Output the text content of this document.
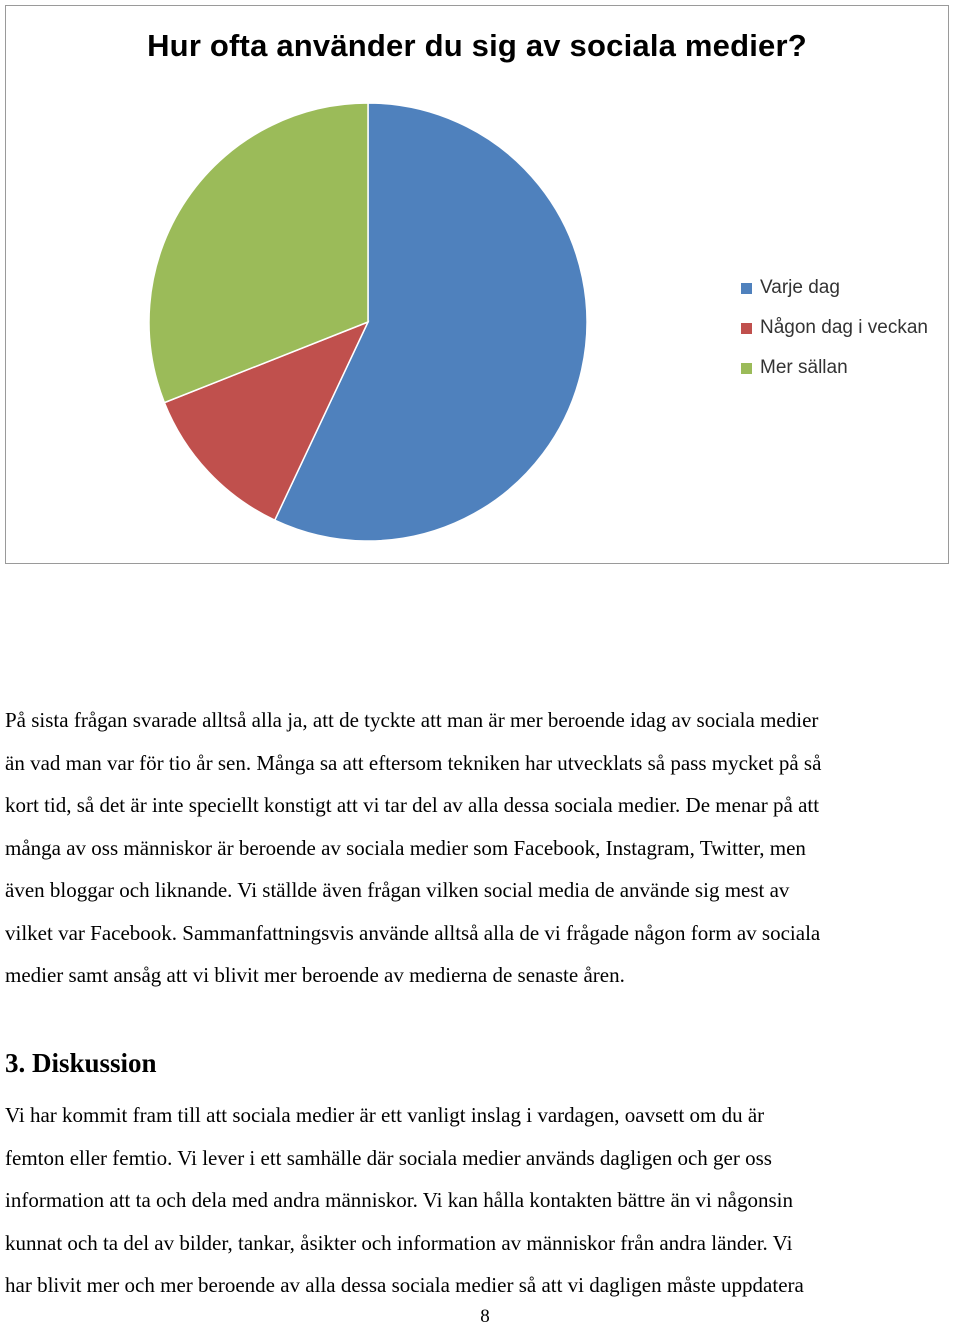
Hur ofta använder du sig av sociala medier?
Varje dag
Någon dag i veckan
Mer sällan
På sista frågan svarade alltså alla ja, att de tyckte att man är mer beroende idag av sociala medier
än vad man var för tio år sen. Många sa att eftersom tekniken har utvecklats så pass mycket på så
kort tid, så det är inte speciellt konstigt att vi tar del av alla dessa sociala medier. De menar på att
många av oss människor är beroende av sociala medier som Facebook, Instagram, Twitter, men
även bloggar och liknande. Vi ställde även frågan vilken social media de använde sig mest av
vilket var Facebook. Sammanfattningsvis använde alltså alla de vi frågade någon form av sociala
medier samt ansåg att vi blivit mer beroende av medierna de senaste åren.
3. Diskussion
Vi har kommit fram till att sociala medier är ett vanligt inslag i vardagen, oavsett om du är
femton eller femtio. Vi lever i ett samhälle där sociala medier används dagligen och ger oss
information att ta och dela med andra människor. Vi kan hålla kontakten bättre än vi någonsin
kunnat och ta del av bilder, tankar, åsikter och information av människor från andra länder. Vi
har blivit mer och mer beroende av alla dessa sociala medier så att vi dagligen måste uppdatera
8
